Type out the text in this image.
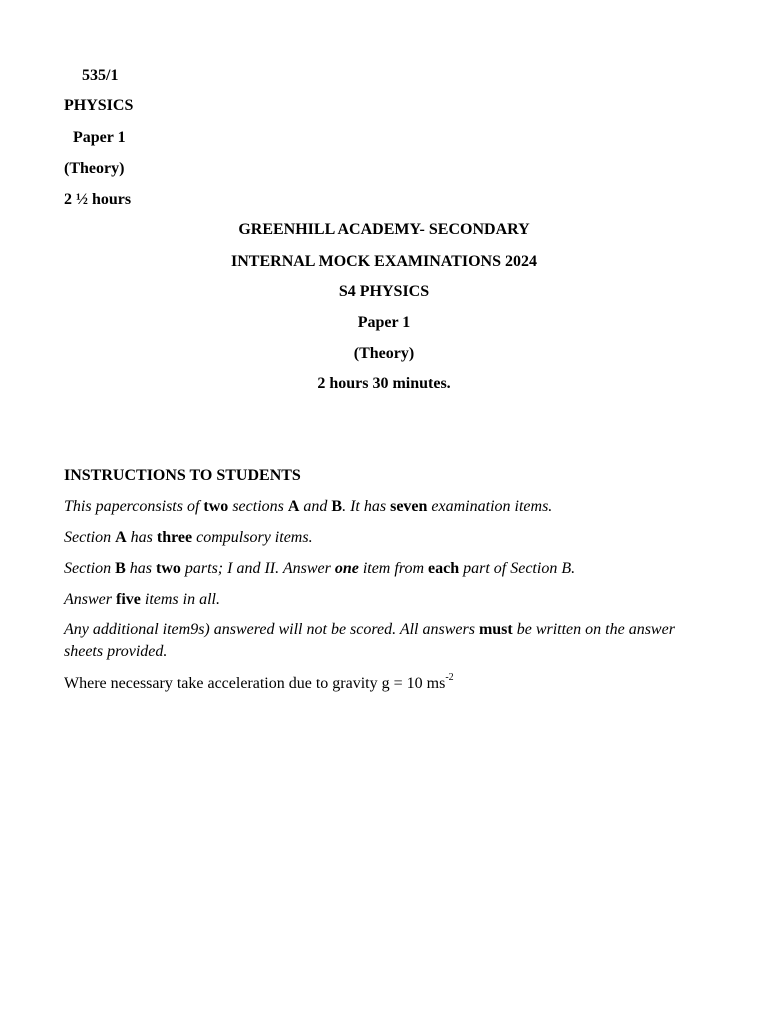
535/1
PHYSICS
Paper 1
(Theory)
2 ½ hours
GREENHILL ACADEMY- SECONDARY
INTERNAL MOCK EXAMINATIONS 2024
S4 PHYSICS
Paper 1
(Theory)
2 hours 30 minutes.
INSTRUCTIONS TO STUDENTS
This paperconsists of two sections A and B. It has seven examination items.
Section A has three compulsory items.
Section B has two parts; I and II. Answer one item from each part of Section B.
Answer five items in all.
Any additional item9s) answered will not be scored. All answers must be written on the answer sheets provided.
Where necessary take acceleration due to gravity g = 10 $ms^{-2}$
